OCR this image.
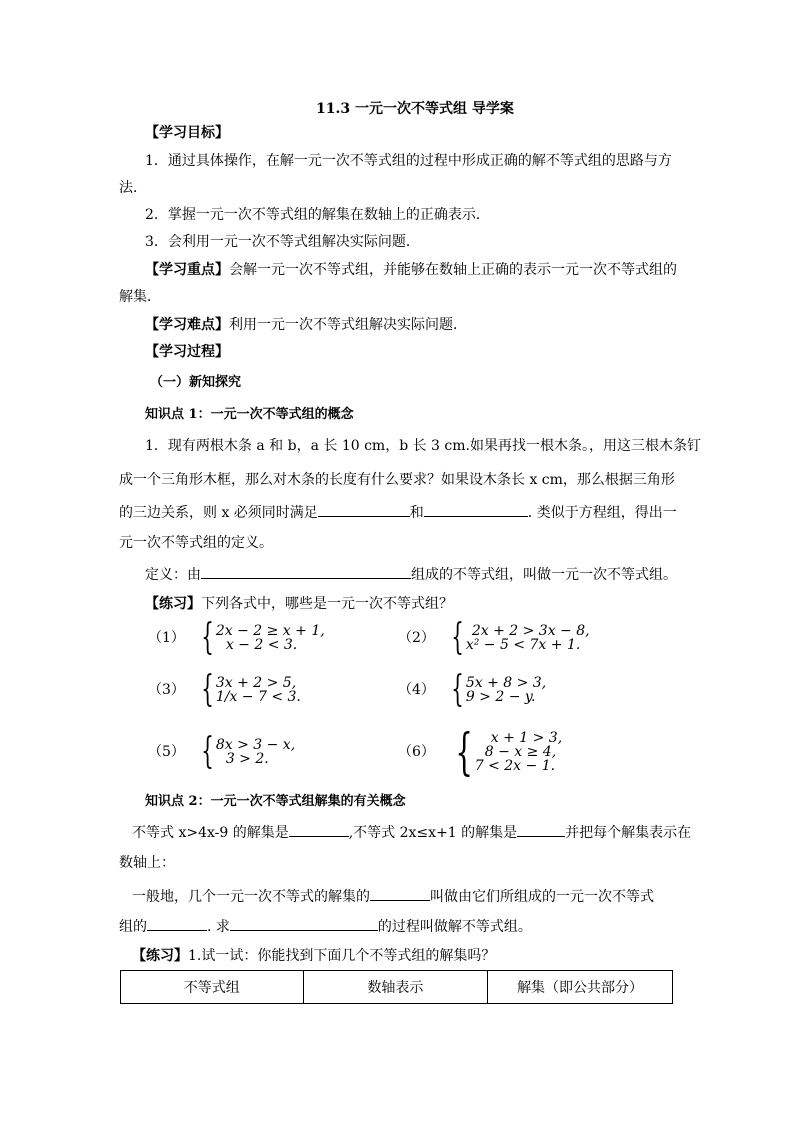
11.3 一元一次不等式组 导学案
【学习目标】
1．通过具体操作，在解一元一次不等式组的过程中形成正确的解不等式组的思路与方
法．
2．掌握一元一次不等式组的解集在数轴上的正确表示．
3．会利用一元一次不等式组解决实际问题．
【学习重点】会解一元一次不等式组，并能够在数轴上正确的表示一元一次不等式组的
解集．
【学习难点】利用一元一次不等式组解决实际问题．
【学习过程】
（一）新知探究
知识点 1：一元一次不等式组的概念
1．现有两根木条 a 和 b，a 长 10 cm，b 长 3 cm.如果再找一根木条。，用这三根木条钉
成一个三角形木框，那么对木条的长度有什么要求？如果设木条长 x cm，那么根据三角形
的三边关系，则 x 必须同时满足	和	. 类似于方程组，得出一
元一次不等式组的定义。
定义：由	组成的不等式组，叫做一元一次不等式组。
【练习】下列各式中，哪些是一元一次不等式组？
（1） { 2x − 2 ≥ x + 1,
x − 2 < 3.	（2） { 2x + 2 > 3x − 8,
x² − 5 < 7x + 1.
（3） { 3x + 2 > 5,
1/x − 7 < 3.	（4） { 5x + 8 > 3,
9 > 2 − y.
（5） { 8x > 3 − x,
3 > 2.	（6） {	x + 1 > 3,
8 − x ≥ 4,
7 < 2x − 1.
知识点 2：一元一次不等式组解集的有关概念
不等式 x>4x-9 的解集是	,不等式 2x≤x+1 的解集是	并把每个解集表示在
数轴上：
一般地，几个一元一次不等式的解集的	叫做由它们所组成的一元一次不等式
组的	. 求	的过程叫做解不等式组。
【练习】1.试一试：你能找到下面几个不等式组的解集吗？
不等式组	数轴表示	解集（即公共部分）
